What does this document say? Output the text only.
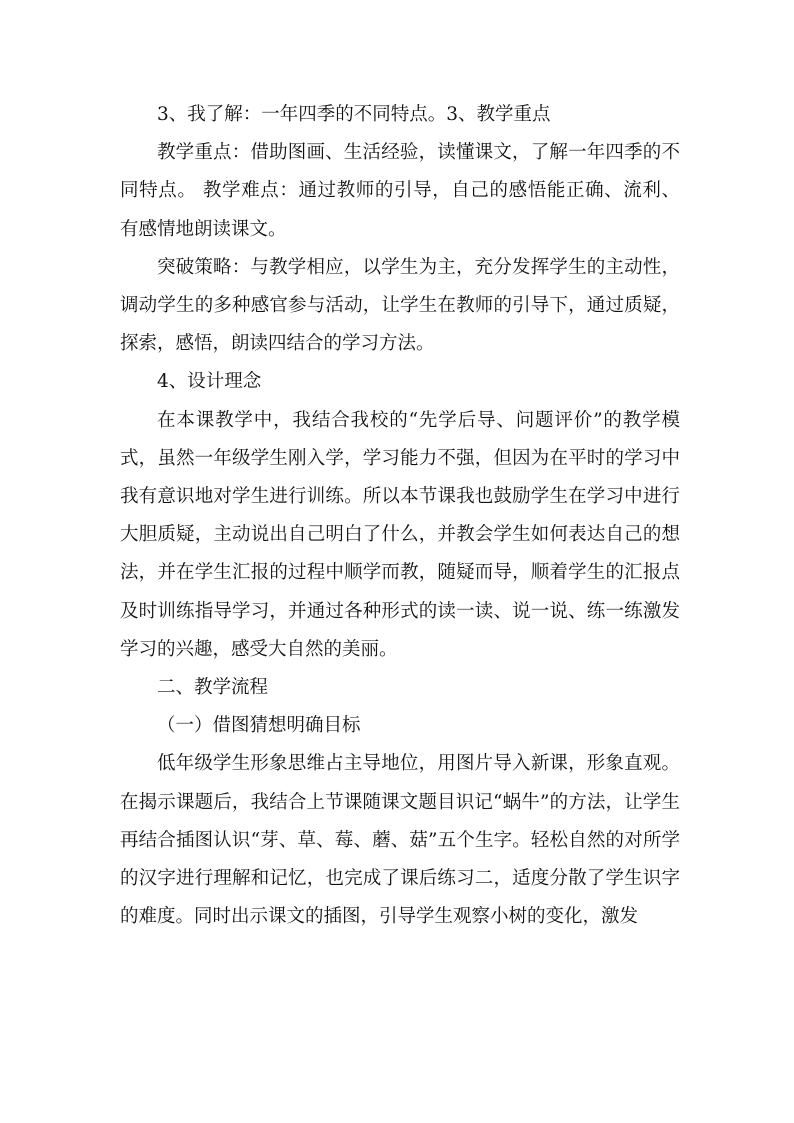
3、我了解：一年四季的不同特点。3、教学重点

教学重点：借助图画、生活经验，读懂课文，了解一年四季的不同特点。 教学难点：通过教师的引导，自己的感悟能正确、流利、有感情地朗读课文。

突破策略：与教学相应，以学生为主，充分发挥学生的主动性，调动学生的多种感官参与活动，让学生在教师的引导下，通过质疑，探索，感悟，朗读四结合的学习方法。

4、设计理念

在本课教学中，我结合我校的“先学后导、问题评价”的教学模式，虽然一年级学生刚入学，学习能力不强，但因为在平时的学习中我有意识地对学生进行训练。所以本节课我也鼓励学生在学习中进行大胆质疑，主动说出自己明白了什么，并教会学生如何表达自己的想法，并在学生汇报的过程中顺学而教，随疑而导，顺着学生的汇报点及时训练指导学习，并通过各种形式的读一读、说一说、练一练激发学习的兴趣，感受大自然的美丽。

二、教学流程

（一）借图猜想明确目标

低年级学生形象思维占主导地位，用图片导入新课，形象直观。在揭示课题后，我结合上节课随课文题目识记“蜗牛”的方法，让学生再结合插图认识“芽、草、莓、蘑、菇”五个生字。轻松自然的对所学的汉字进行理解和记忆，也完成了课后练习二，适度分散了学生识字的难度。同时出示课文的插图，引导学生观察小树的变化，激发
